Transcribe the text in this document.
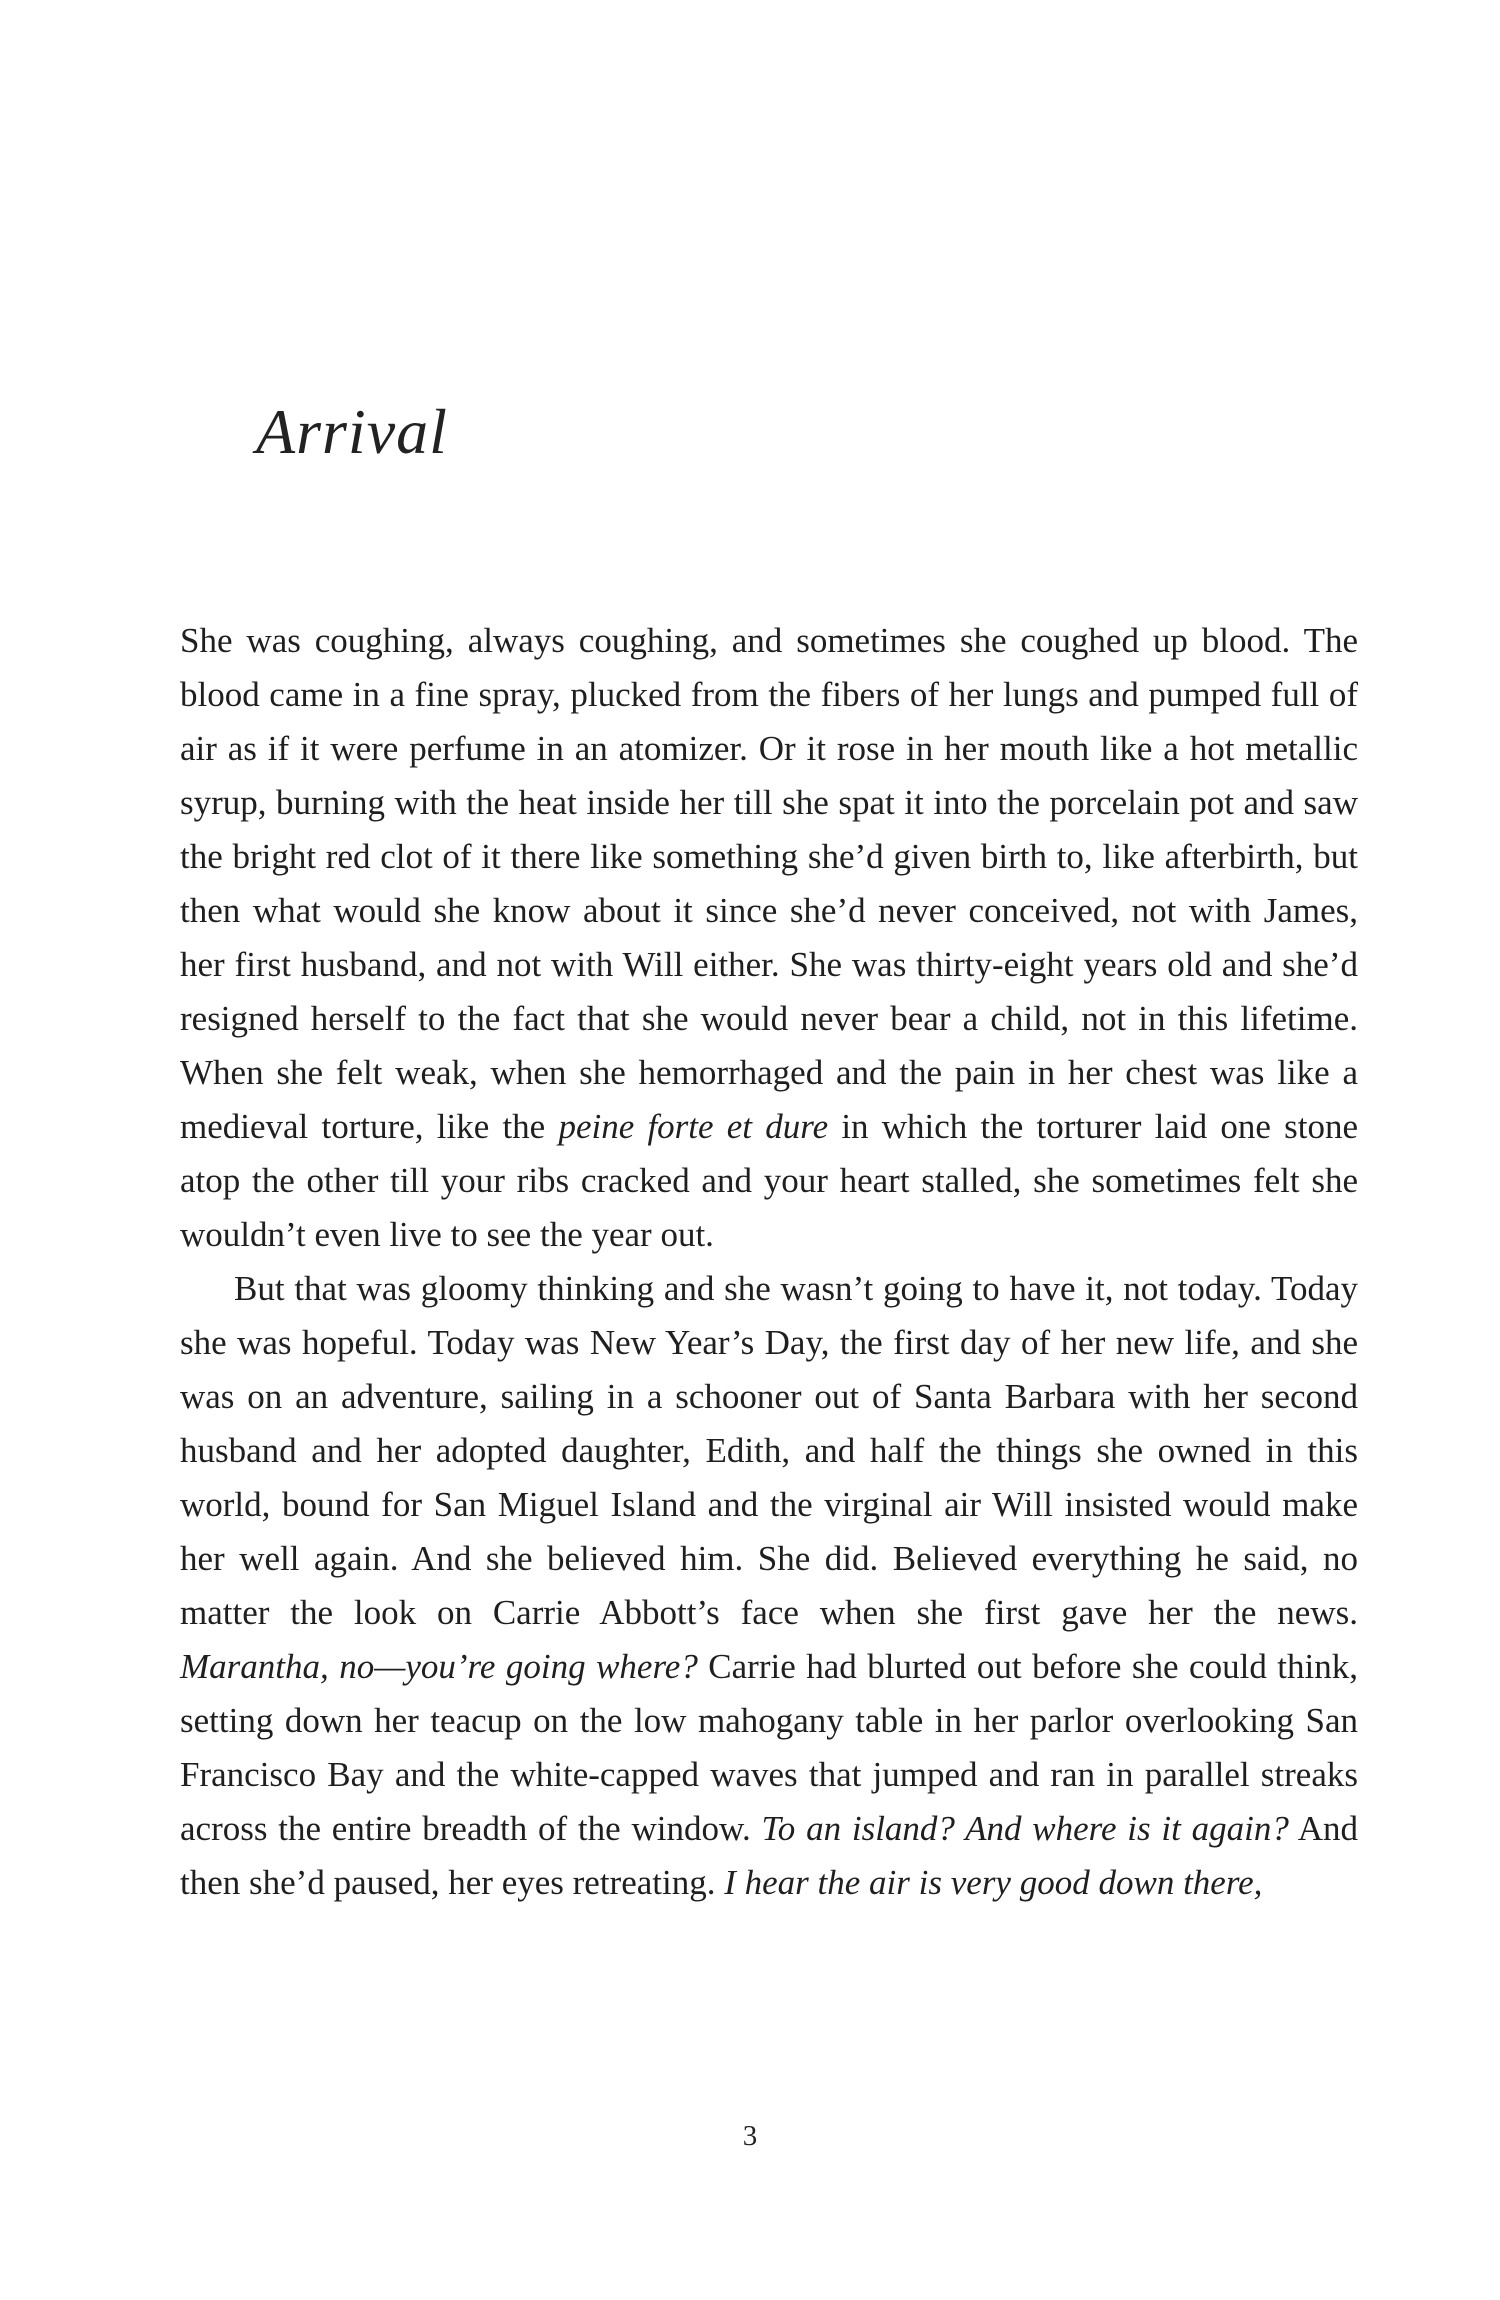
Arrival

She was coughing, always coughing, and sometimes she coughed up blood. The blood came in a fine spray, plucked from the fibers of her lungs and pumped full of air as if it were perfume in an atomizer. Or it rose in her mouth like a hot metallic syrup, burning with the heat inside her till she spat it into the porcelain pot and saw the bright red clot of it there like something she’d given birth to, like afterbirth, but then what would she know about it since she’d never conceived, not with James, her first husband, and not with Will either. She was thirty-eight years old and she’d resigned herself to the fact that she would never bear a child, not in this lifetime. When she felt weak, when she hemorrhaged and the pain in her chest was like a medieval torture, like the peine forte et dure in which the torturer laid one stone atop the other till your ribs cracked and your heart stalled, she sometimes felt she wouldn’t even live to see the year out.

But that was gloomy thinking and she wasn’t going to have it, not today. Today she was hopeful. Today was New Year’s Day, the first day of her new life, and she was on an adventure, sailing in a schooner out of Santa Barbara with her second husband and her adopted daughter, Edith, and half the things she owned in this world, bound for San Miguel Island and the virginal air Will insisted would make her well again. And she believed him. She did. Believed everything he said, no matter the look on Carrie Abbott’s face when she first gave her the news. Marantha, no—you’re going where? Carrie had blurted out before she could think, setting down her teacup on the low mahogany table in her parlor overlooking San Francisco Bay and the white-capped waves that jumped and ran in parallel streaks across the entire breadth of the window. To an island? And where is it again? And then she’d paused, her eyes retreating. I hear the air is very good down there,

3
